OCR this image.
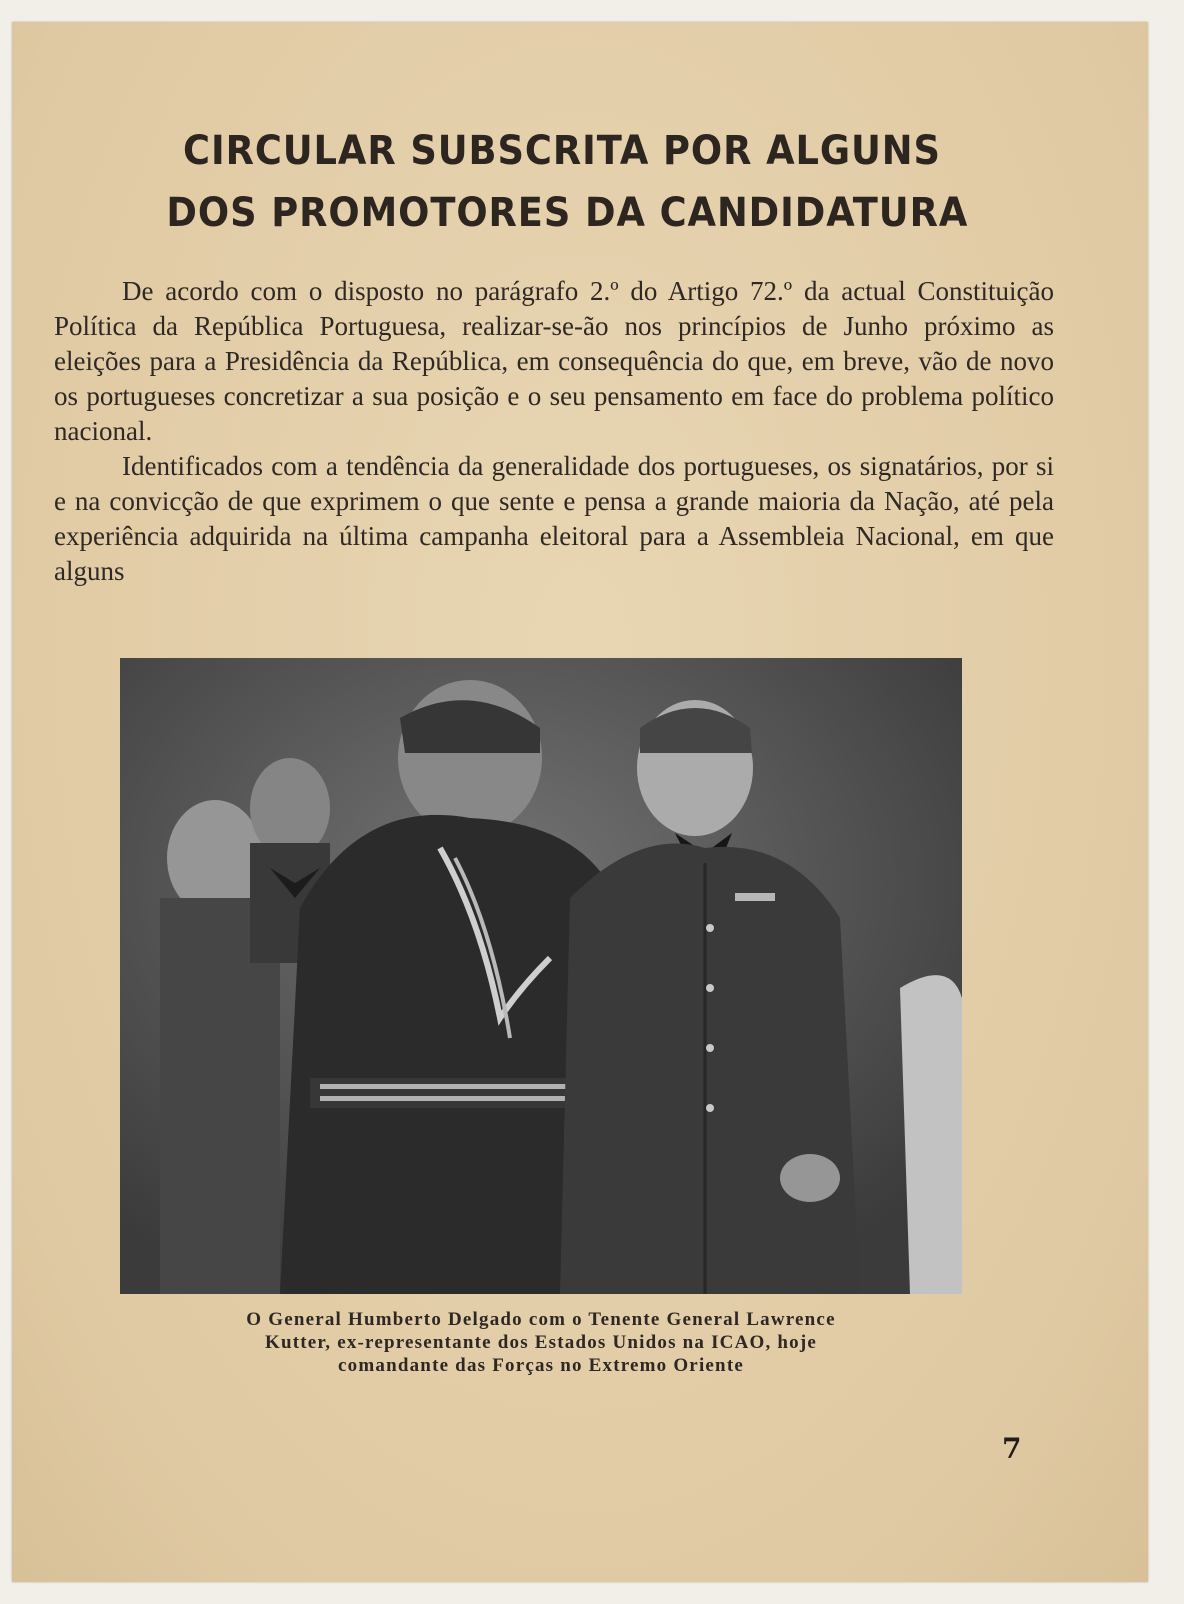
CIRCULAR SUBSCRITA POR ALGUNS
DOS PROMOTORES DA CANDIDATURA

De acordo com o disposto no parágrafo 2.º do Artigo 72.º da actual Constituição Política da República Portuguesa, realizar-se-ão nos princípios de Junho próximo as eleições para a Presidência da República, em consequência do que, em breve, vão de novo os portugueses concretizar a sua posição e o seu pensamento em face do problema político nacional.

Identificados com a tendência da generalidade dos portugueses, os signatários, por si e na convicção de que exprimem o que sente e pensa a grande maioria da Nação, até pela experiência adquirida na última campanha eleitoral para a Assembleia Nacional, em que alguns

O General Humberto Delgado com o Tenente General Lawrence
Kutter, ex-representante dos Estados Unidos na ICAO, hoje
comandante das Forças no Extremo Oriente
7
